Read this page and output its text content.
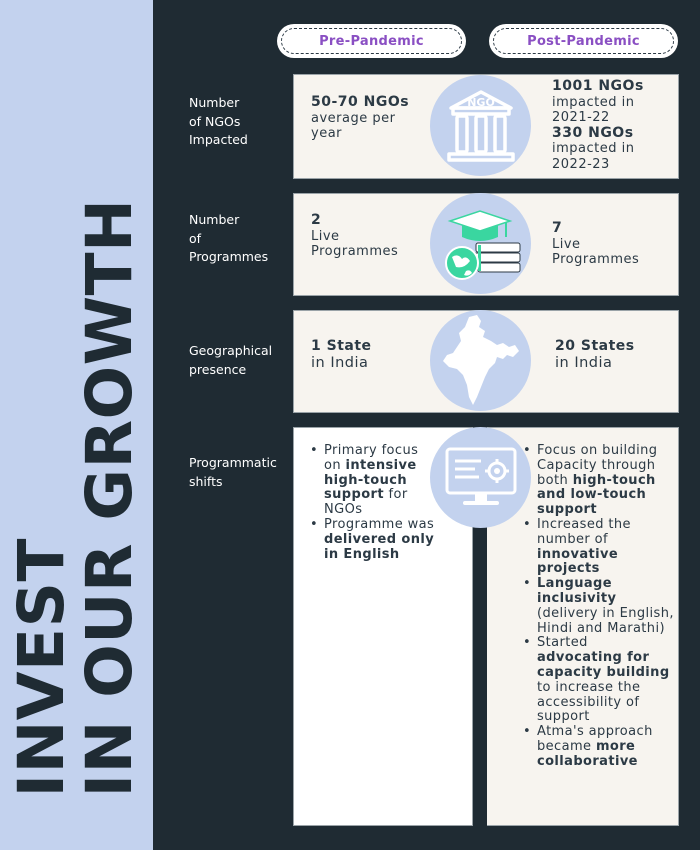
INVEST
IN OUR GROWTH
Pre-Pandemic	Post-Pandemic
Number
of NGOs
Impacted
50-70 NGOs
average per year
1001 NGOs
impacted in 2021-22
330 NGOs
impacted in 2022-23
NGO
Number
of
Programmes
2
Live Programmes
7
Live Programmes
Geographical
presence
1 State
in India
20 States
in India
Programmatic
shifts
• Primary focus on intensive high-touch support for NGOs
• Programme was delivered only in English
• Focus on building Capacity through both high-touch and low-touch support
• Increased the number of innovative projects
• Language inclusivity (delivery in English, Hindi and Marathi)
• Started advocating for capacity building to increase the accessibility of support
• Atma's approach became more collaborative
